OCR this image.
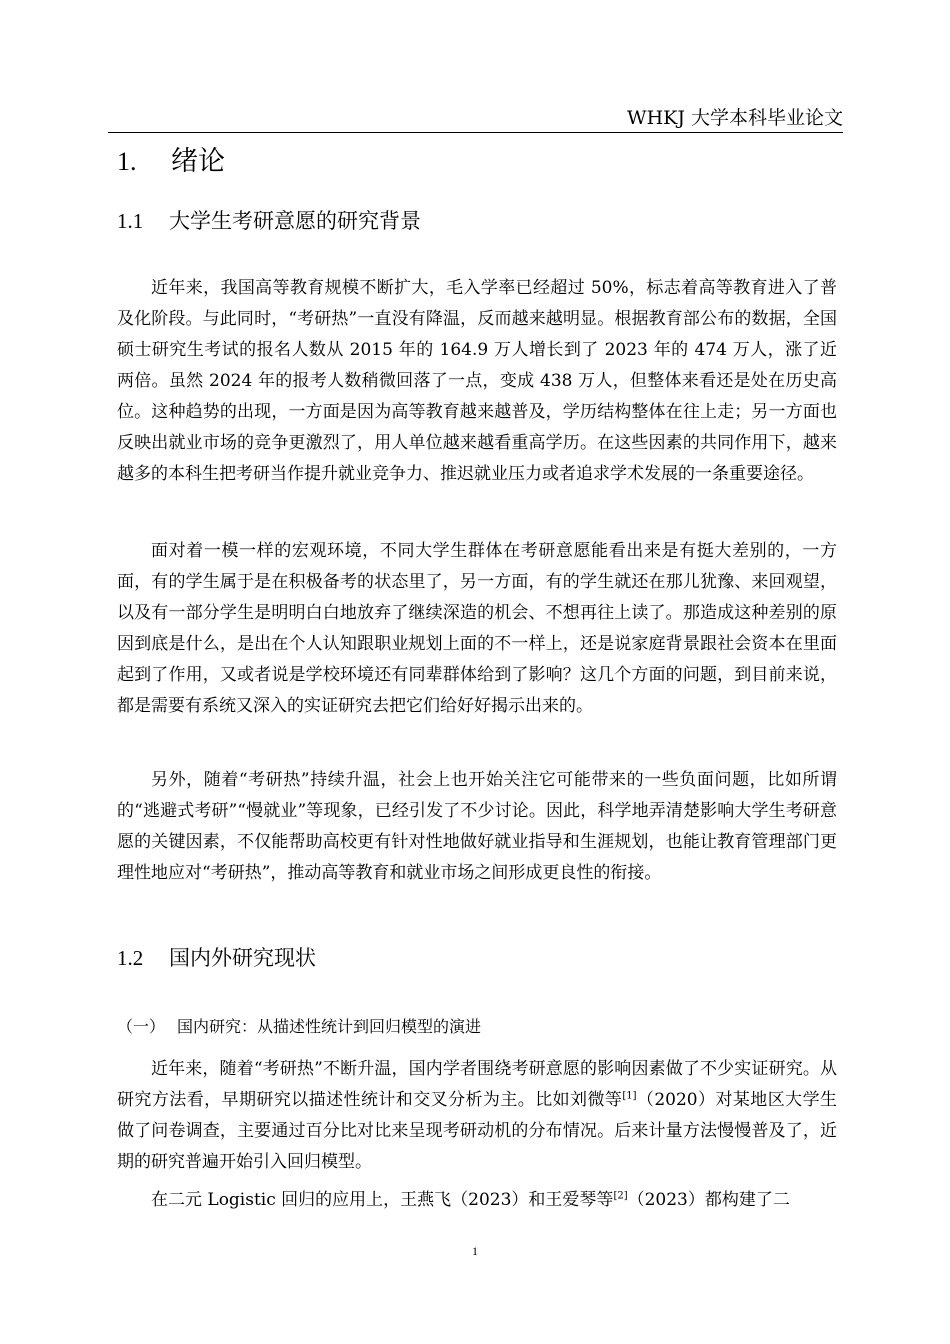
WHKJ 大学本科毕业论文
1. 绪论
1.1 大学生考研意愿的研究背景

近年来，我国高等教育规模不断扩大，毛入学率已经超过 50%，标志着高等教育进入了普及化阶段。与此同时，“考研热”一直没有降温，反而越来越明显。根据教育部公布的数据，全国硕士研究生考试的报名人数从 2015 年的 164.9 万人增长到了 2023 年的 474 万人，涨了近两倍。虽然 2024 年的报考人数稍微回落了一点，变成 438 万人，但整体来看还是处在历史高位。这种趋势的出现，一方面是因为高等教育越来越普及，学历结构整体在往上走；另一方面也反映出就业市场的竞争更激烈了，用人单位越来越看重高学历。在这些因素的共同作用下，越来越多的本科生把考研当作提升就业竞争力、推迟就业压力或者追求学术发展的一条重要途径。

面对着一模一样的宏观环境，不同大学生群体在考研意愿能看出来是有挺大差别的，一方面，有的学生属于是在积极备考的状态里了，另一方面，有的学生就还在那儿犹豫、来回观望，以及有一部分学生是明明白白地放弃了继续深造的机会、不想再往上读了。那造成这种差别的原因到底是什么，是出在个人认知跟职业规划上面的不一样上，还是说家庭背景跟社会资本在里面起到了作用，又或者说是学校环境还有同辈群体给到了影响？这几个方面的问题，到目前来说，都是需要有系统又深入的实证研究去把它们给好好揭示出来的。

另外，随着“考研热”持续升温，社会上也开始关注它可能带来的一些负面问题，比如所谓的“逃避式考研”“慢就业”等现象，已经引发了不少讨论。因此，科学地弄清楚影响大学生考研意愿的关键因素，不仅能帮助高校更有针对性地做好就业指导和生涯规划，也能让教育管理部门更理性地应对“考研热”，推动高等教育和就业市场之间形成更良性的衔接。

1.2 国内外研究现状
（一） 国内研究：从描述性统计到回归模型的演进

近年来，随着“考研热”不断升温，国内学者围绕考研意愿的影响因素做了不少实证研究。从研究方法看，早期研究以描述性统计和交叉分析为主。比如刘微等[1]（2020）对某地区大学生做了问卷调查，主要通过百分比对比来呈现考研动机的分布情况。后来计量方法慢慢普及了，近期的研究普遍开始引入回归模型。

在二元 Logistic 回归的应用上，王燕飞（2023）和王爱琴等[2]（2023）都构建了二

1
